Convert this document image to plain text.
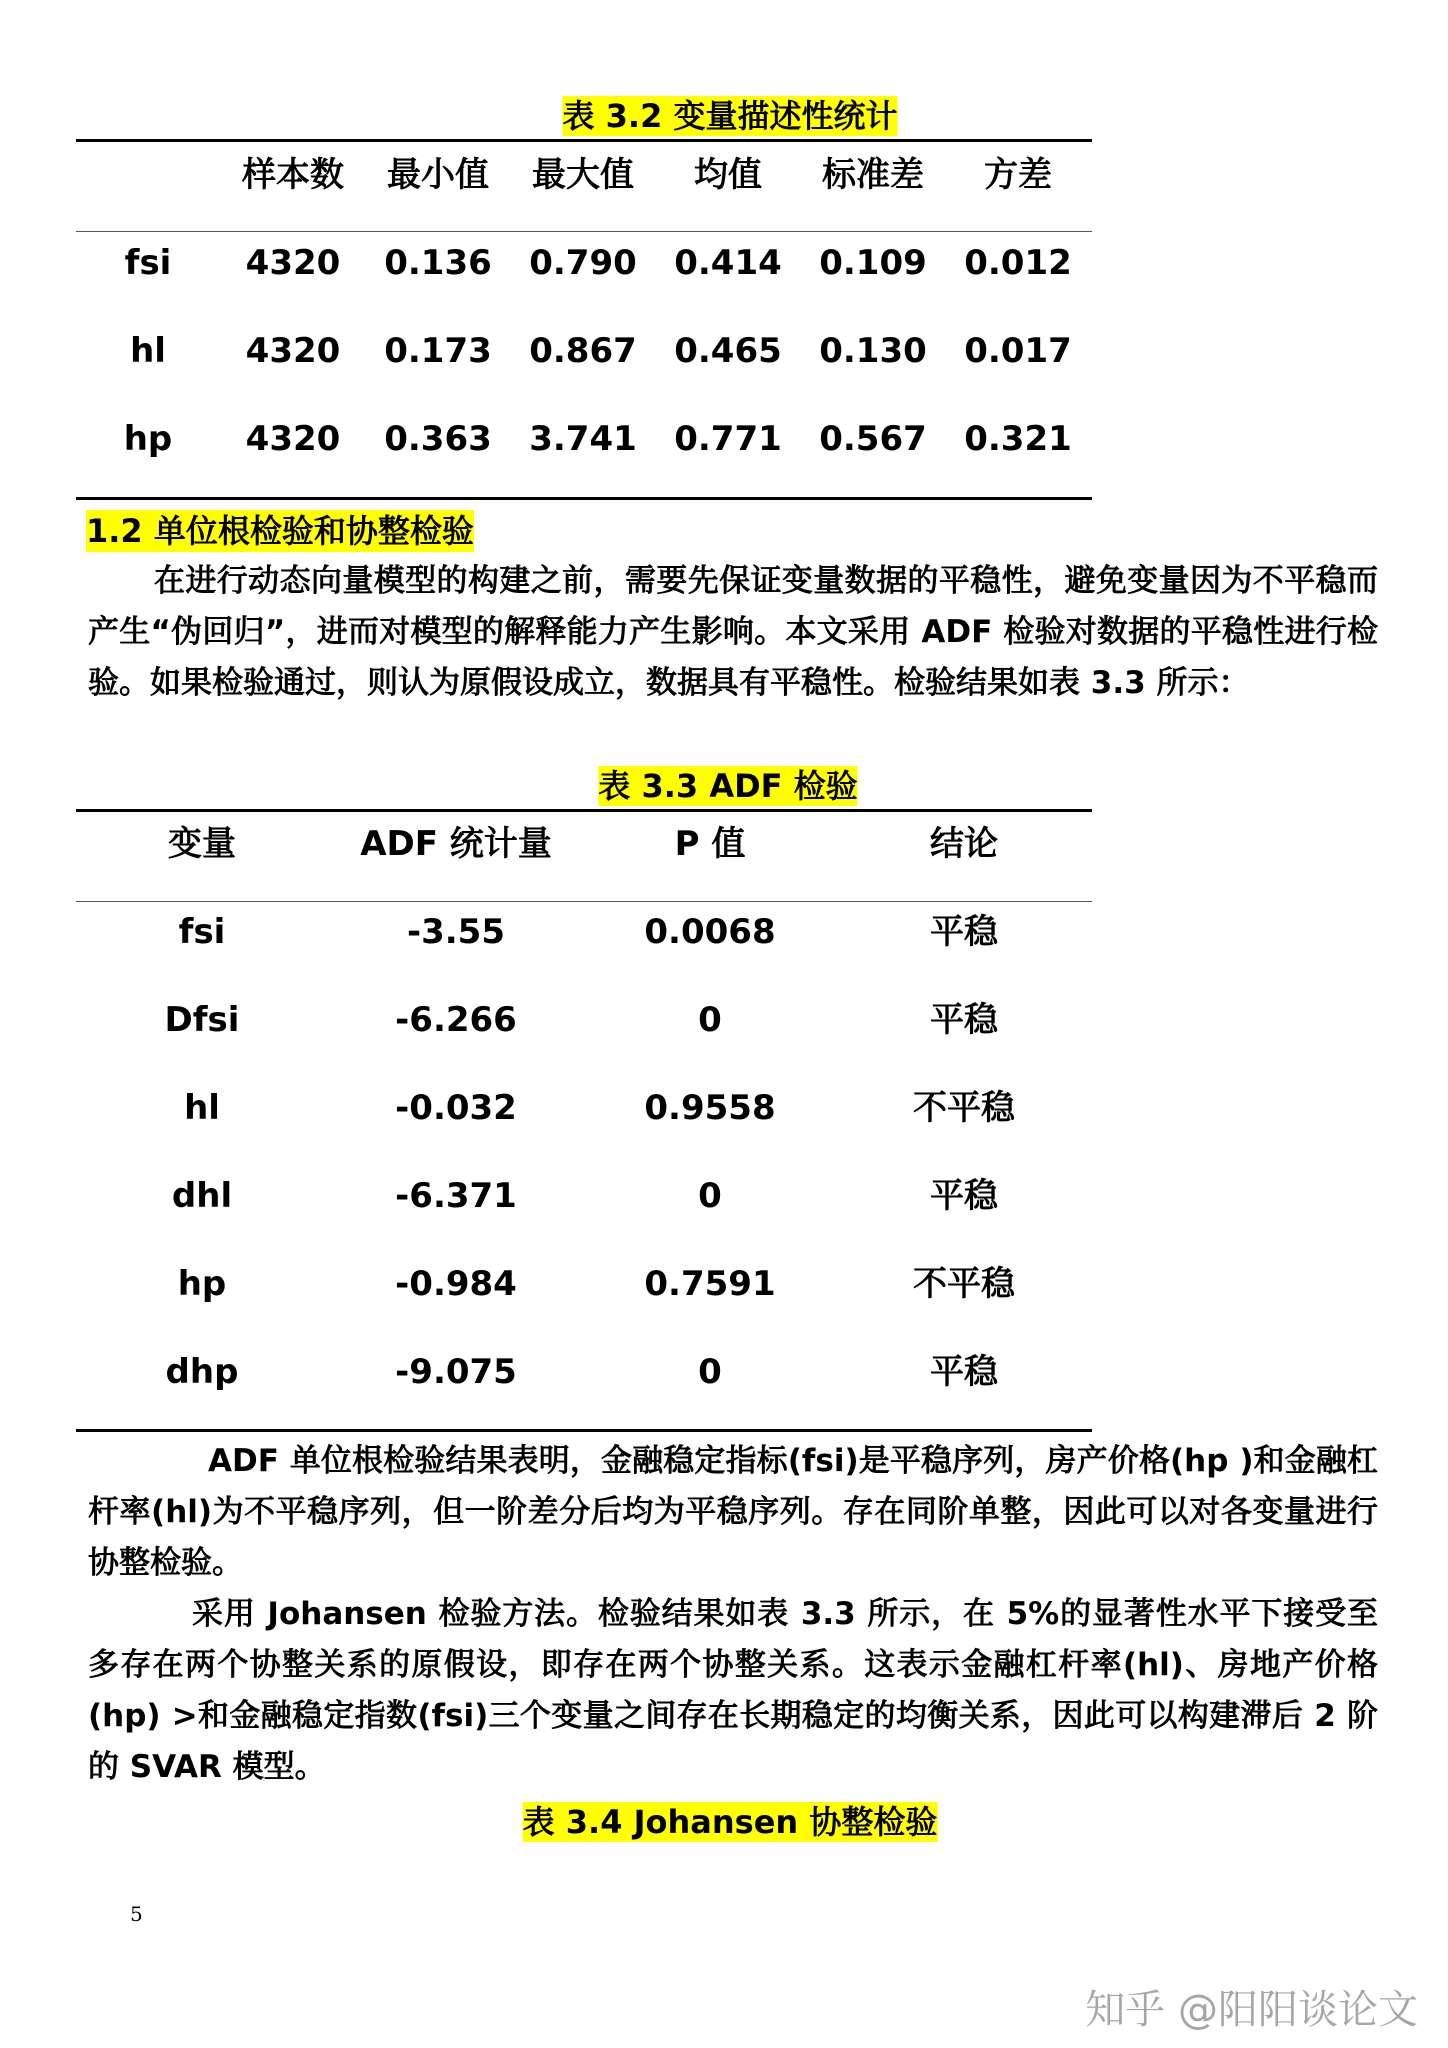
表 3.2 变量描述性统计
样本数 最小值 最大值 均值 标准差 方差
fsi 4320 0.136 0.790 0.414 0.109 0.012
hl 4320 0.173 0.867 0.465 0.130 0.017
hp 4320 0.363 3.741 0.771 0.567 0.321
1.2 单位根检验和协整检验

在进行动态向量模型的构建之前，需要先保证变量数据的平稳性，避免变量因为不平稳而产生“伪回归”，进而对模型的解释能力产生影响。本文采用 ADF 检验对数据的平稳性进行检验。如果检验通过，则认为原假设成立，数据具有平稳性。检验结果如表 3.3 所示：

表 3.3 ADF 检验
变量	ADF 统计量	P 值	结论
fsi	-3.55	0.0068	平稳
Dfsi	-6.266	0	平稳
hl	-0.032	0.9558	不平稳
dhl	-6.371	0	平稳
hp	-0.984	0.7591	不平稳
dhp	-9.075	0	平稳

ADF 单位根检验结果表明，金融稳定指标(fsi)是平稳序列，房产价格(hp )和金融杠杆率(hl)为不平稳序列，但一阶差分后均为平稳序列。存在同阶单整，因此可以对各变量进行协整检验。

采用 Johansen 检验方法。检验结果如表 3.3 所示，在 5%的显著性水平下接受至多存在两个协整关系的原假设，即存在两个协整关系。这表示金融杠杆率(hl)、房地产价格(hp) >和金融稳定指数(fsi)三个变量之间存在长期稳定的均衡关系，因此可以构建滞后 2 阶的 SVAR 模型。

表 3.4 Johansen 协整检验
5
知乎 @阳阳谈论文
